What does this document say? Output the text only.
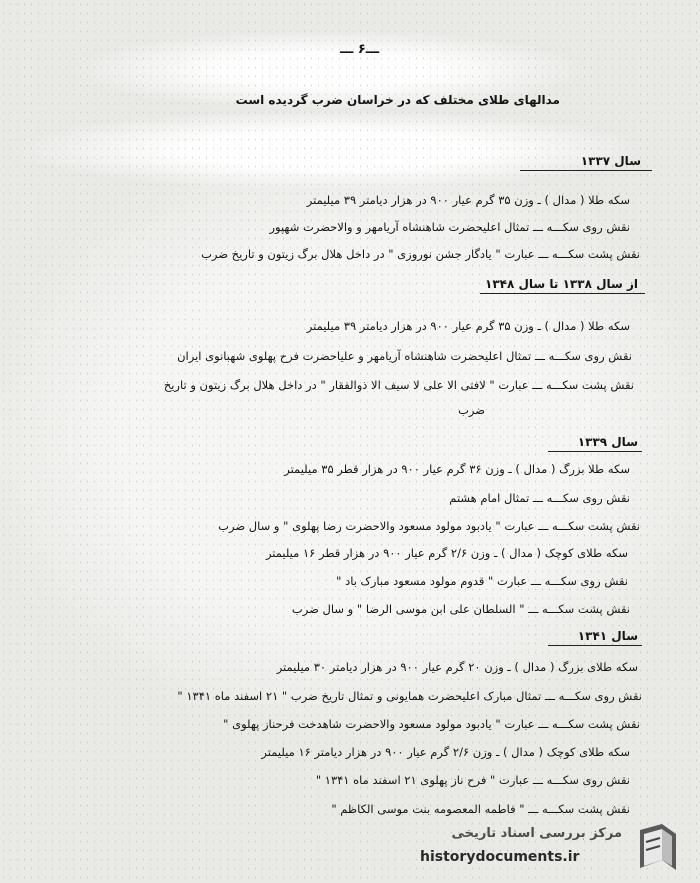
ـــ۶ ـــ
مدالهای طلای مختلف که در خراسان ضرب گردیده است
سال ۱۳۳۷
سکه طلا ( مدال ) ـ وزن ۳۵ گرم عیار ۹۰۰ در هزار دیامتر ۳۹ میلیمتر
نقش روی سکـــه ـــ تمثال اعلیحضرت شاهنشاه آریامهر و والاحضرت شهپور
نقش پشت سکـــه ـــ عبارت " یادگار جشن نوروزی " در داخل هلال برگ زیتون و تاریخ ضرب
از سال ۱۳۳۸ تا سال ۱۳۴۸
سکه طلا ( مدال ) ـ وزن ۳۵ گرم عیار ۹۰۰ در هزار دیامتر ۳۹ میلیمتر
نقش روی سکـــه ـــ تمثال اعلیحضرت شاهنشاه آریامهر و علیاحضرت فرح پهلوی شهبانوی ایران
نقش پشت سکـــه ـــ عبارت " لافتی الا علی لا سیف الا ذوالفقار " در داخل هلال برگ زیتون و تاریخ
ضرب
سال ۱۳۳۹
سکه طلا بزرگ ( مدال ) ـ وزن ۳۶ گرم عیار ۹۰۰ در هزار قطر ۳۵ میلیمتر
نقش روی سکـــه ـــ تمثال امام هشتم
نقش پشت سکـــه ـــ عبارت " یادبود مولود مسعود والاحضرت رضا پهلوی " و سال ضرب
سکه طلای کوچک ( مدال ) ـ وزن ۲/۶ گرم عیار ۹۰۰ در هزار قطر ۱۶ میلیمتر
نقش روی سکـــه ـــ عبارت " قدوم مولود مسعود مبارک باد "
نقش پشت سکـــه ـــ " السلطان علی ابن موسی الرضا " و سال ضرب
سال ۱۳۴۱
سکه طلای بزرگ ( مدال ) ـ وزن ۲۰ گرم عیار ۹۰۰ در هزار دیامتر ۳۰ میلیمتر
نقش روی سکـــه ـــ تمثال مبارک اعلیحضرت همایونی و تمثال تاریخ ضرب " ۲۱ اسفند ماه ۱۳۴۱ "
نقش پشت سکـــه ـــ عبارت " یادبود مولود مسعود والاحضرت شاهدخت فرحناز پهلوی "
سکه طلای کوچک ( مدال ) ـ وزن ۲/۶ گرم عیار ۹۰۰ در هزار دیامتر ۱۶ میلیمتر
نقش روی سکـــه ـــ عبارت " فرح ناز پهلوی ۲۱ اسفند ماه ۱۳۴۱ "
نقش پشت سکـــه ـــ " فاطمه المعصومه بنت موسی الکاظم "
مرکز بررسی اسناد تاریخی
historydocuments.ir
